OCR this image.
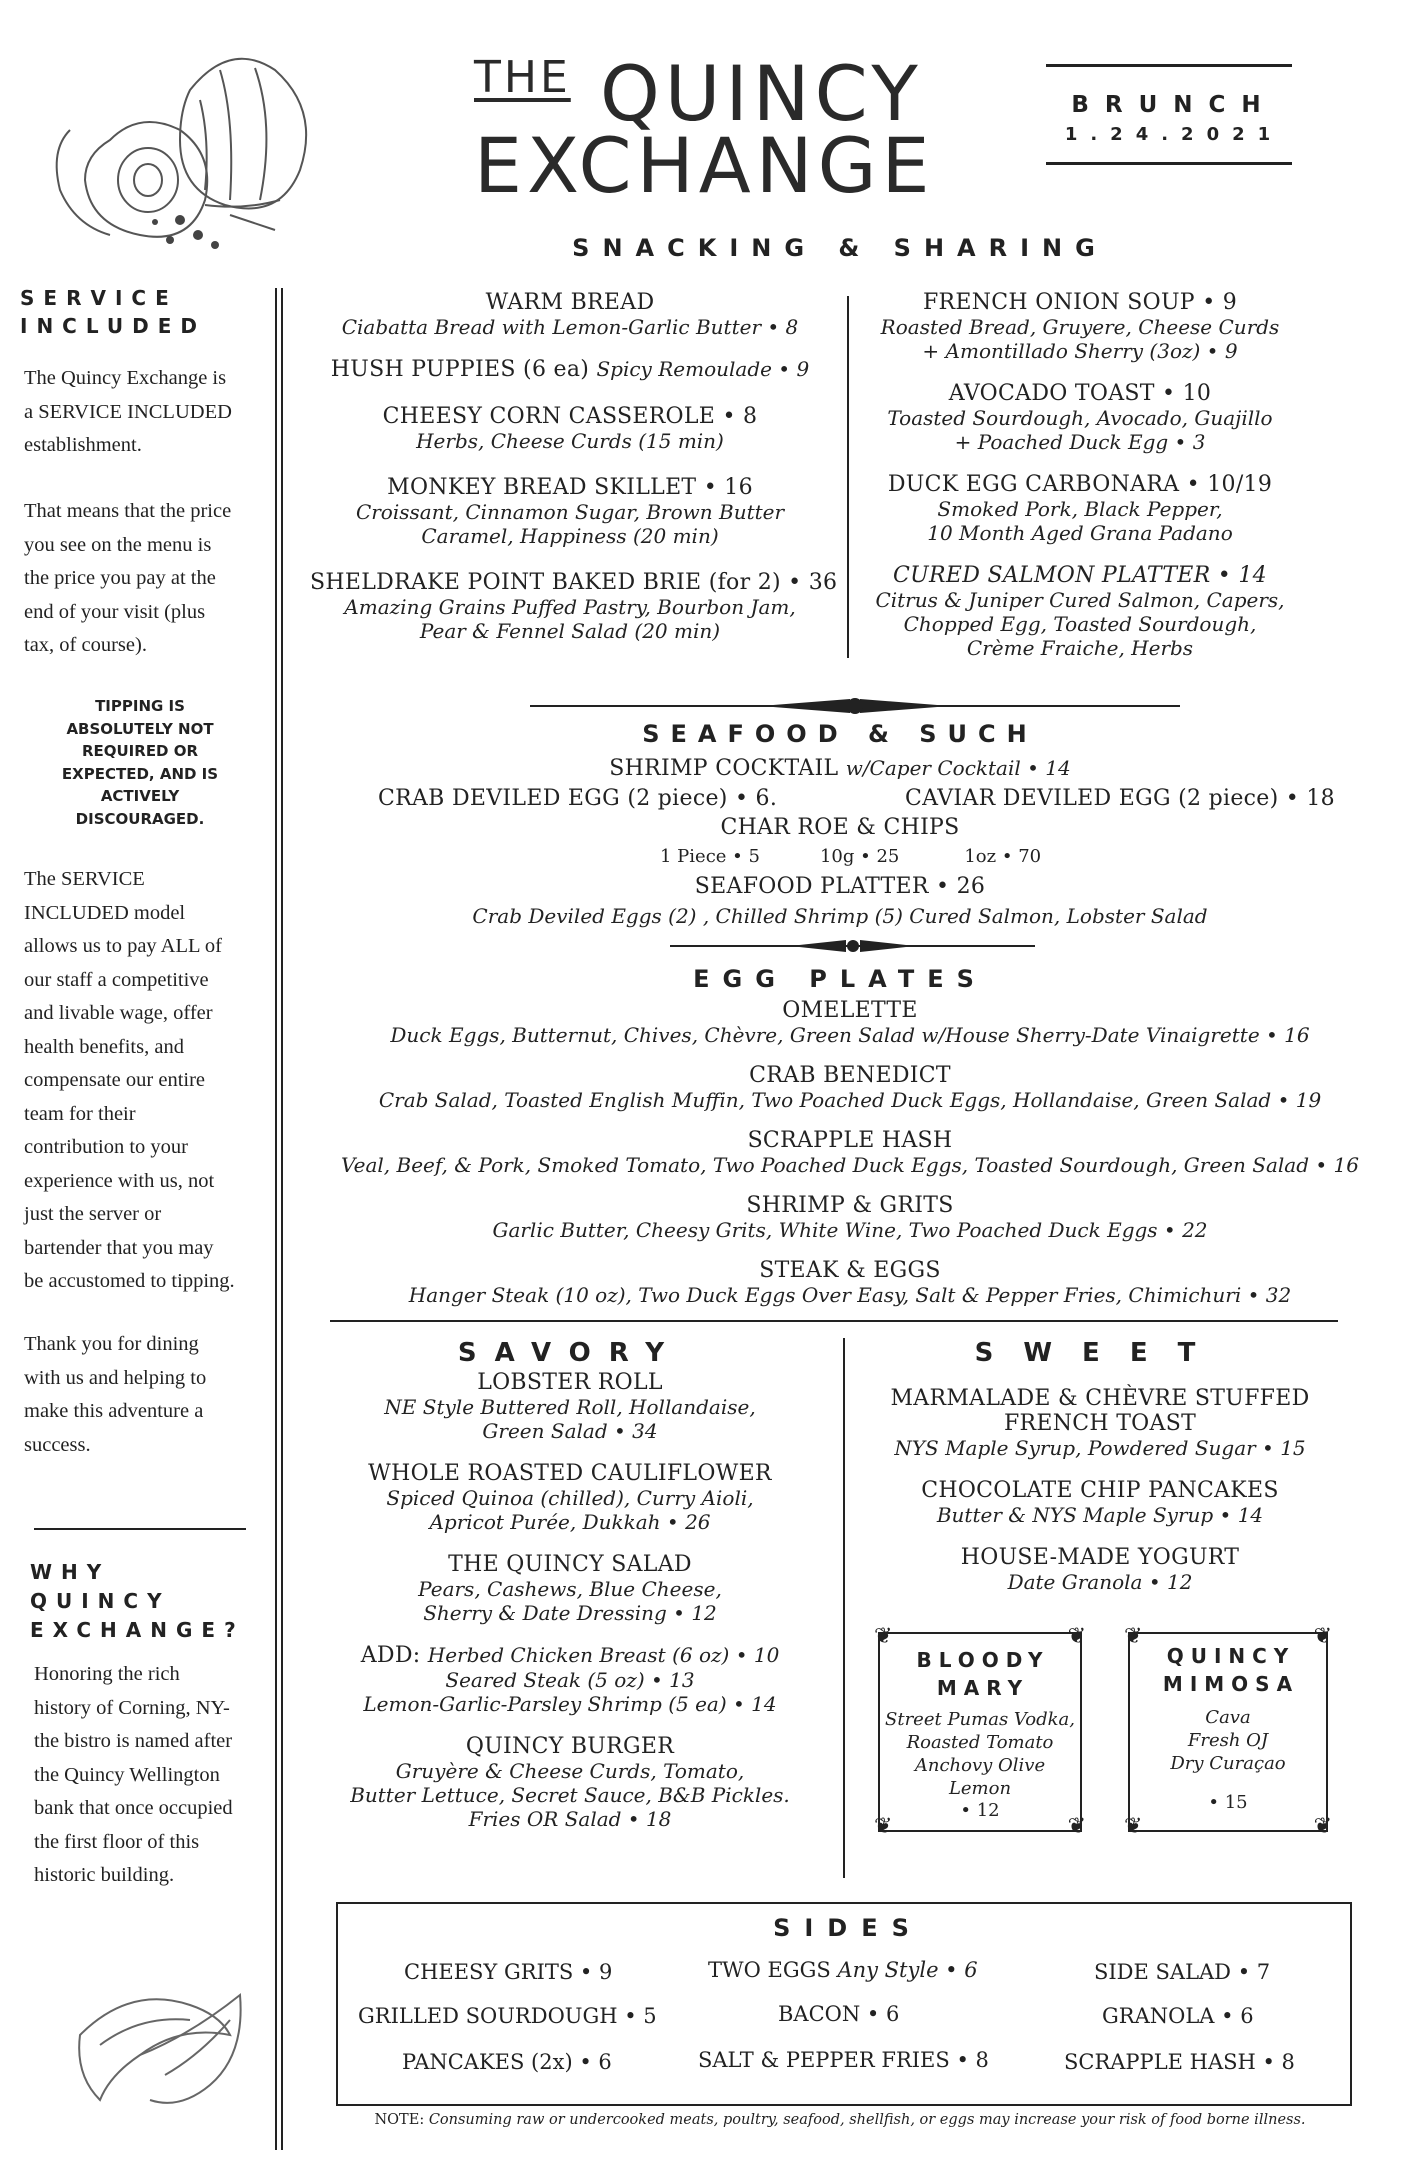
$^{THE}$ QUINCY
EXCHANGE
BRUNCH
1.24.2021
SERVICE
INCLUDED
The Quincy Exchange is
a SERVICE INCLUDED
establishment.
That means that the price
you see on the menu is
the price you pay at the
end of your visit (plus
tax, of course).
TIPPING IS
ABSOLUTELY NOT
REQUIRED OR
EXPECTED, AND IS
ACTIVELY
DISCOURAGED.
The SERVICE
INCLUDED model
allows us to pay ALL of
our staff a competitive
and livable wage, offer
health benefits, and
compensate our entire
team for their
contribution to your
experience with us, not
just the server or
bartender that you may
be accustomed to tipping.
Thank you for dining
with us and helping to
make this adventure a
success.
WHY
QUINCY
EXCHANGE?
Honoring the rich
history of Corning, NY-
the bistro is named after
the Quincy Wellington
bank that once occupied
the first floor of this
historic building.
SNACKING & SHARING
WARM BREAD
Ciabatta Bread with Lemon-Garlic Butter • 8
HUSH PUPPIES (6 ea) Spicy Remoulade • 9
CHEESY CORN CASSEROLE • 8
Herbs, Cheese Curds (15 min)
MONKEY BREAD SKILLET • 16
Croissant, Cinnamon Sugar, Brown Butter
Caramel, Happiness (20 min)
SHELDRAKE POINT BAKED BRIE (for 2) • 36
Amazing Grains Puffed Pastry, Bourbon Jam,
Pear & Fennel Salad (20 min)
FRENCH ONION SOUP • 9
Roasted Bread, Gruyere, Cheese Curds
+ Amontillado Sherry (3oz) • 9
AVOCADO TOAST • 10
Toasted Sourdough, Avocado, Guajillo
+ Poached Duck Egg • 3
DUCK EGG CARBONARA • 10/19
Smoked Pork, Black Pepper,
10 Month Aged Grana Padano
CURED SALMON PLATTER • 14
Citrus & Juniper Cured Salmon, Capers,
Chopped Egg, Toasted Sourdough,
Crème Fraiche, Herbs
SEAFOOD & SUCH
SHRIMP COCKTAIL w/Caper Cocktail • 14
CRAB DEVILED EGG (2 piece) • 6.	CAVIAR DEVILED EGG (2 piece) • 18
CHAR ROE & CHIPS
1 Piece • 5	10g • 25	1oz • 70
SEAFOOD PLATTER • 26
Crab Deviled Eggs (2) , Chilled Shrimp (5) Cured Salmon, Lobster Salad
EGG PLATES
OMELETTE
Duck Eggs, Butternut, Chives, Chèvre, Green Salad w/House Sherry-Date Vinaigrette • 16
CRAB BENEDICT
Crab Salad, Toasted English Muffin, Two Poached Duck Eggs, Hollandaise, Green Salad • 19
SCRAPPLE HASH
Veal, Beef, & Pork, Smoked Tomato, Two Poached Duck Eggs, Toasted Sourdough, Green Salad • 16
SHRIMP & GRITS
Garlic Butter, Cheesy Grits, White Wine, Two Poached Duck Eggs • 22
STEAK & EGGS
Hanger Steak (10 oz), Two Duck Eggs Over Easy, Salt & Pepper Fries, Chimichuri • 32
SAVORY
LOBSTER ROLL
NE Style Buttered Roll, Hollandaise,
Green Salad • 34
WHOLE ROASTED CAULIFLOWER
Spiced Quinoa (chilled), Curry Aioli,
Apricot Purée, Dukkah • 26
THE QUINCY SALAD
Pears, Cashews, Blue Cheese,
Sherry & Date Dressing • 12
ADD: Herbed Chicken Breast (6 oz) • 10
Seared Steak (5 oz) • 13
Lemon-Garlic-Parsley Shrimp (5 ea) • 14
QUINCY BURGER
Gruyère & Cheese Curds, Tomato,
Butter Lettuce, Secret Sauce, B&B Pickles.
Fries OR Salad • 18
SWEET
MARMALADE & CHÈVRE STUFFED
FRENCH TOAST
NYS Maple Syrup, Powdered Sugar • 15
CHOCOLATE CHIP PANCAKES
Butter & NYS Maple Syrup • 14
HOUSE-MADE YOGURT
Date Granola • 12
❦	❦
❦	❦
BLOODY
MARY
Street Pumas Vodka,
Roasted Tomato
Anchovy Olive
Lemon
• 12
❦	❦
❦	❦
QUINCY
MIMOSA
Cava
Fresh OJ
Dry Curaçao
• 15
SIDES
CHEESY GRITS • 9
GRILLED SOURDOUGH • 5
PANCAKES (2x) • 6
TWO EGGS Any Style • 6
BACON • 6
SALT & PEPPER FRIES • 8
SIDE SALAD • 7
GRANOLA • 6
SCRAPPLE HASH • 8
NOTE: Consuming raw or undercooked meats, poultry, seafood, shellfish, or eggs may increase your risk of food borne illness.
